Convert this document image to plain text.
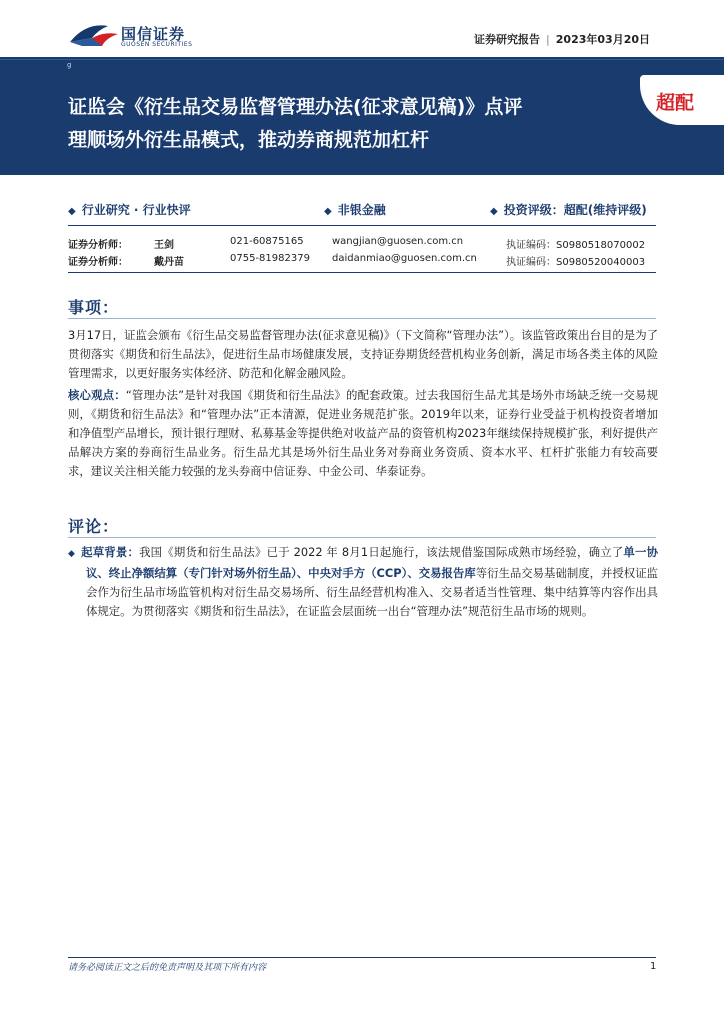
国信证券
GUOSEN SECURITIES	证券研究报告 | 2023年03月20日
g
证监会《衍生品交易监督管理办法(征求意见稿)》点评
理顺场外衍生品模式，推动券商规范加杠杆
超配
◆ 行业研究 · 行业快评	◆ 非银金融	◆ 投资评级：超配(维持评级)
证券分析师：	王剑	021-60875165	wangjian@guosen.com.cn	执证编码：S0980518070002
证券分析师：	戴丹苗	0755-81982379 daidanmiao@guosen.com.cn	执证编码：S0980520040003
事项：
3月17日，证监会颁布《衍生品交易监督管理办法(征求意见稿)》（下文简称“管理办法”）。该监管政策出台目的是为了贯彻落实《期货和衍生品法》，促进衍生品市场健康发展，支持证券期货经营机构业务创新，满足市场各类主体的风险管理需求，以更好服务实体经济、防范和化解金融风险。
核心观点：“管理办法”是针对我国《期货和衍生品法》的配套政策。过去我国衍生品尤其是场外市场缺乏统一交易规则，《期货和衍生品法》和“管理办法”正本清源，促进业务规范扩张。2019年以来，证券行业受益于机构投资者增加和净值型产品增长，预计银行理财、私募基金等提供绝对收益产品的资管机构2023年继续保持规模扩张，利好提供产品解决方案的券商衍生品业务。衍生品尤其是场外衍生品业务对券商业务资质、资本水平、杠杆扩张能力有较高要求，建议关注相关能力较强的龙头券商中信证券、中金公司、华泰证券。
评论：
◆ 起草背景：我国《期货和衍生品法》已于 2022 年 8月1日起施行，该法规借鉴国际成熟市场经验，确立了单一协议、终止净额结算（专门针对场外衍生品）、中央对手方（CCP）、交易报告库等衍生品交易基础制度，并授权证监会作为衍生品市场监管机构对衍生品交易场所、衍生品经营机构准入、交易者适当性管理、集中结算等内容作出具体规定。为贯彻落实《期货和衍生品法》，在证监会层面统一出台“管理办法”规范衍生品市场的规则。
请务必阅读正文之后的免责声明及其项下所有内容	1
